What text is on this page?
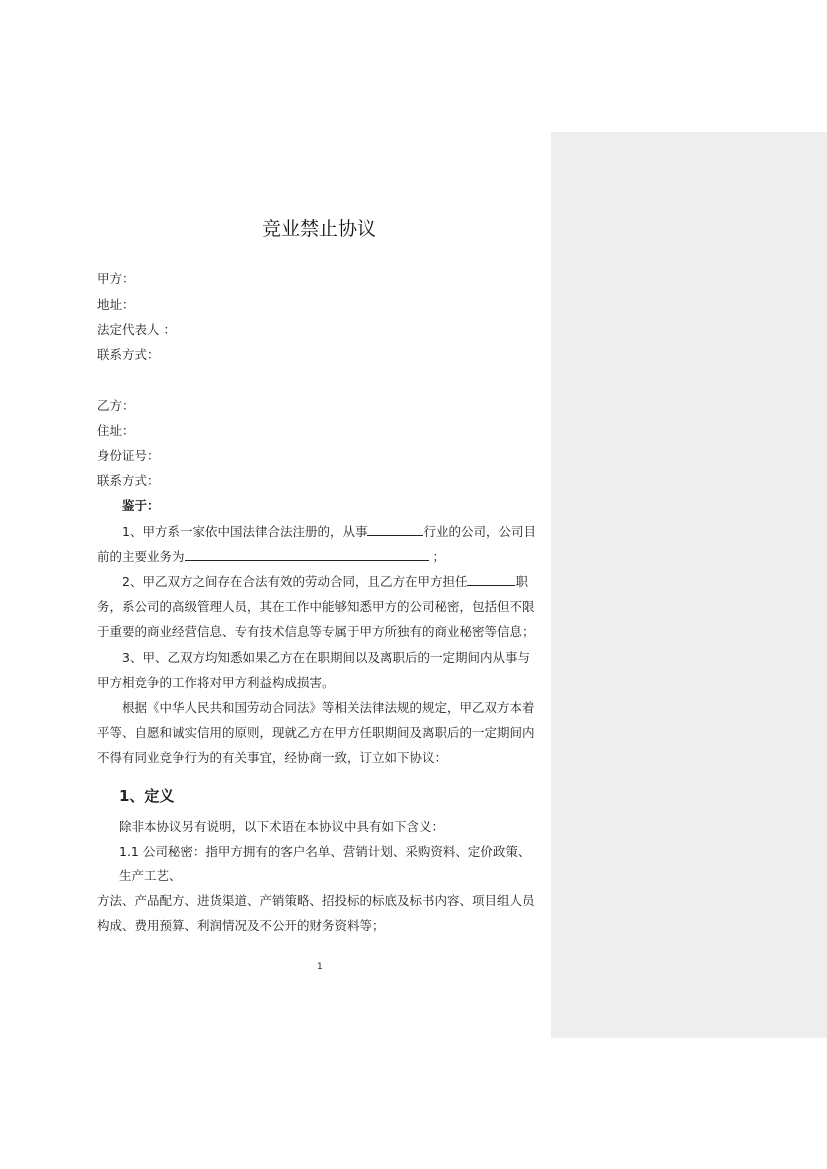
竞业禁止协议
甲方：
地址：
法定代表人 ：
联系方式：
乙方：
住址：
身份证号：
联系方式：
鉴于：
1、甲方系一家依中国法律合法注册的，从事	行业的公司，公司目
前的主要业务为	；
2、甲乙双方之间存在合法有效的劳动合同，且乙方在甲方担任	职
务，系公司的高级管理人员，其在工作中能够知悉甲方的公司秘密，包括但不限
于重要的商业经营信息、专有技术信息等专属于甲方所独有的商业秘密等信息；
3、甲、乙双方均知悉如果乙方在在职期间以及离职后的一定期间内从事与
甲方相竞争的工作将对甲方利益构成损害。
根据《中华人民共和国劳动合同法》等相关法律法规的规定，甲乙双方本着
平等、自愿和诚实信用的原则，现就乙方在甲方任职期间及离职后的一定期间内
不得有同业竞争行为的有关事宜，经协商一致，订立如下协议：
1、定义
除非本协议另有说明，以下术语在本协议中具有如下含义：
1.1 公司秘密：指甲方拥有的客户名单、营销计划、采购资料、定价政策、
生产工艺、
方法、产品配方、进货渠道、产销策略、招投标的标底及标书内容、项目组人员
构成、费用预算、利润情况及不公开的财务资料等；
1
